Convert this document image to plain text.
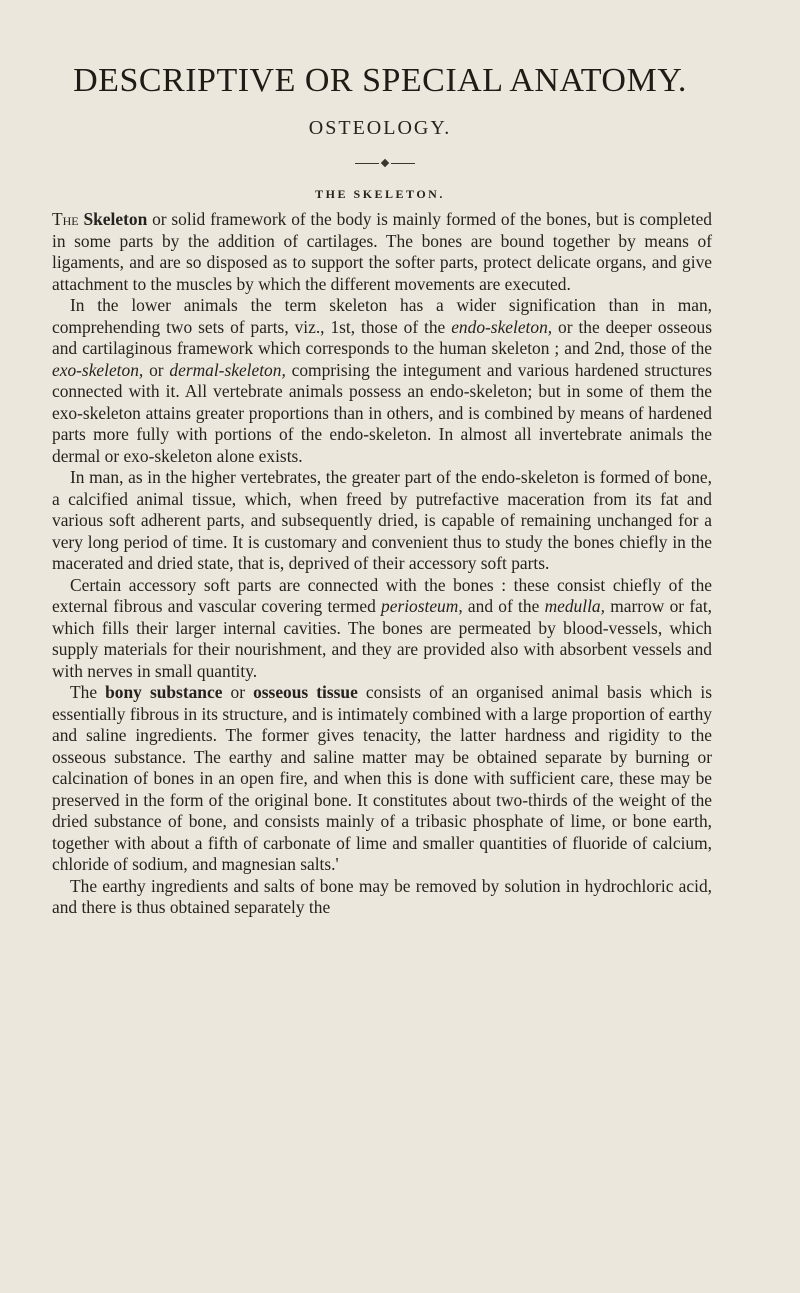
DESCRIPTIVE OR SPECIAL ANATOMY.
OSTEOLOGY.
THE SKELETON.

The Skeleton or solid framework of the body is mainly formed of the bones, but is completed in some parts by the addition of cartilages. The bones are bound together by means of ligaments, and are so disposed as to support the softer parts, protect delicate organs, and give attachment to the muscles by which the different movements are executed.

In the lower animals the term skeleton has a wider signification than in man, comprehending two sets of parts, viz., 1st, those of the endo-skeleton, or the deeper osseous and cartilaginous framework which corresponds to the human skeleton ; and 2nd, those of the exo-skeleton, or dermal-skeleton, comprising the integument and various hardened structures connected with it. All vertebrate animals possess an endo-skeleton; but in some of them the exo-skeleton attains greater proportions than in others, and is combined by means of hardened parts more fully with portions of the endo-skeleton. In almost all invertebrate animals the dermal or exo-skeleton alone exists.

In man, as in the higher vertebrates, the greater part of the endo-skeleton is formed of bone, a calcified animal tissue, which, when freed by putrefactive maceration from its fat and various soft adherent parts, and subsequently dried, is capable of remaining unchanged for a very long period of time. It is customary and convenient thus to study the bones chiefly in the macerated and dried state, that is, deprived of their accessory soft parts.

Certain accessory soft parts are connected with the bones : these consist chiefly of the external fibrous and vascular covering termed periosteum, and of the medulla, marrow or fat, which fills their larger internal cavities. The bones are permeated by blood-vessels, which supply materials for their nourishment, and they are provided also with absorbent vessels and with nerves in small quantity.

The bony substance or osseous tissue consists of an organised animal basis which is essentially fibrous in its structure, and is intimately combined with a large proportion of earthy and saline ingredients. The former gives tenacity, the latter hardness and rigidity to the osseous substance. The earthy and saline matter may be obtained separate by burning or calcination of bones in an open fire, and when this is done with sufficient care, these may be preserved in the form of the original bone. It constitutes about two-thirds of the weight of the dried substance of bone, and consists mainly of a tribasic phosphate of lime, or bone earth, together with about a fifth of carbonate of lime and smaller quantities of fluoride of calcium, chloride of sodium, and magnesian salts.'

The earthy ingredients and salts of bone may be removed by solution in hydrochloric acid, and there is thus obtained separately the
